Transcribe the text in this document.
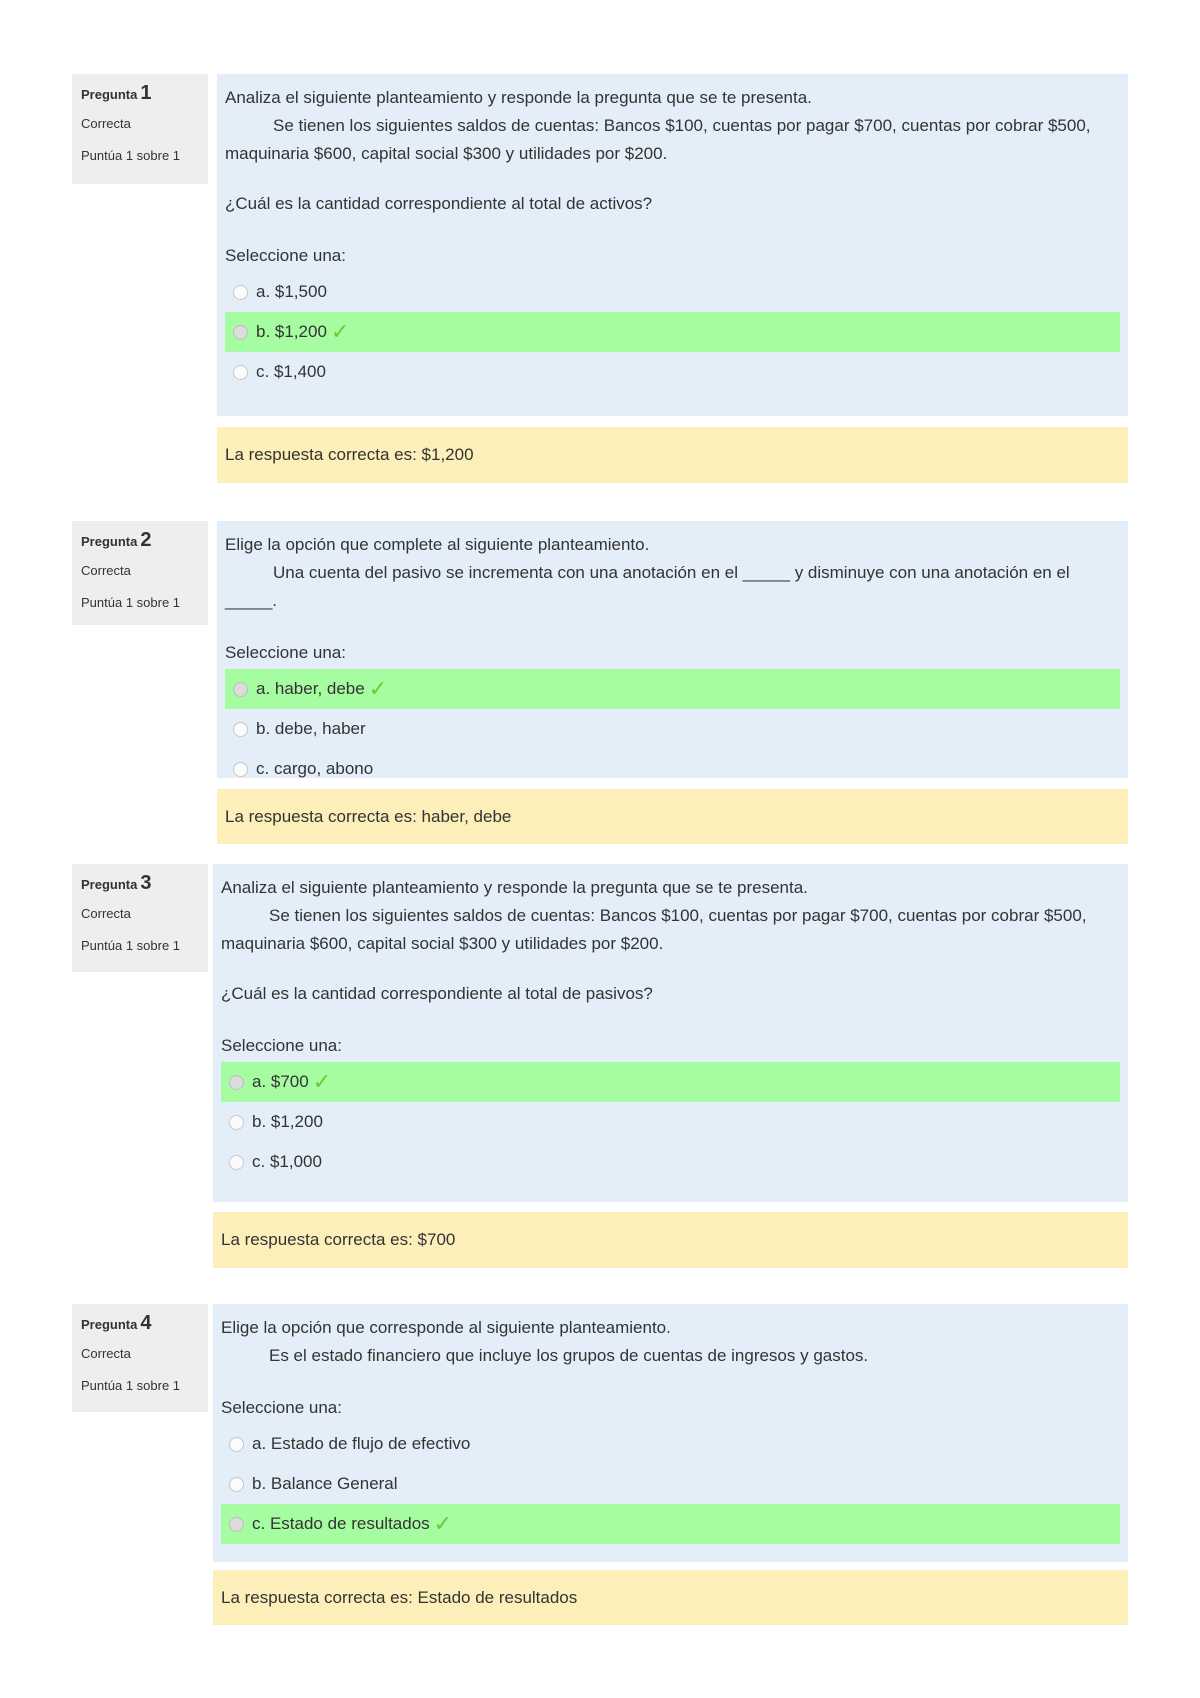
Pregunta 1
Correcta
Puntúa 1 sobre 1
Analiza el siguiente planteamiento y responde la pregunta que se te presenta.
Se tienen los siguientes saldos de cuentas: Bancos $100, cuentas por pagar $700, cuentas por cobrar $500, maquinaria $600, capital social $300 y utilidades por $200.
¿Cuál es la cantidad correspondiente al total de activos?
Seleccione una:
a. $1,500
b. $1,200 ✓
c. $1,400
La respuesta correcta es: $1,200
Pregunta 2
Correcta
Puntúa 1 sobre 1
Elige la opción que complete al siguiente planteamiento.
Una cuenta del pasivo se incrementa con una anotación en el _____ y disminuye con una anotación en el _____.
Seleccione una:
a. haber, debe ✓
b. debe, haber
c. cargo, abono
La respuesta correcta es: haber, debe
Pregunta 3
Correcta
Puntúa 1 sobre 1
Analiza el siguiente planteamiento y responde la pregunta que se te presenta.
Se tienen los siguientes saldos de cuentas: Bancos $100, cuentas por pagar $700, cuentas por cobrar $500, maquinaria $600, capital social $300 y utilidades por $200.
¿Cuál es la cantidad correspondiente al total de pasivos?
Seleccione una:
a. $700 ✓
b. $1,200
c. $1,000
La respuesta correcta es: $700
Pregunta 4
Correcta
Puntúa 1 sobre 1
Elige la opción que corresponde al siguiente planteamiento.
Es el estado financiero que incluye los grupos de cuentas de ingresos y gastos.
Seleccione una:
a. Estado de flujo de efectivo
b. Balance General
c. Estado de resultados ✓
La respuesta correcta es: Estado de resultados
